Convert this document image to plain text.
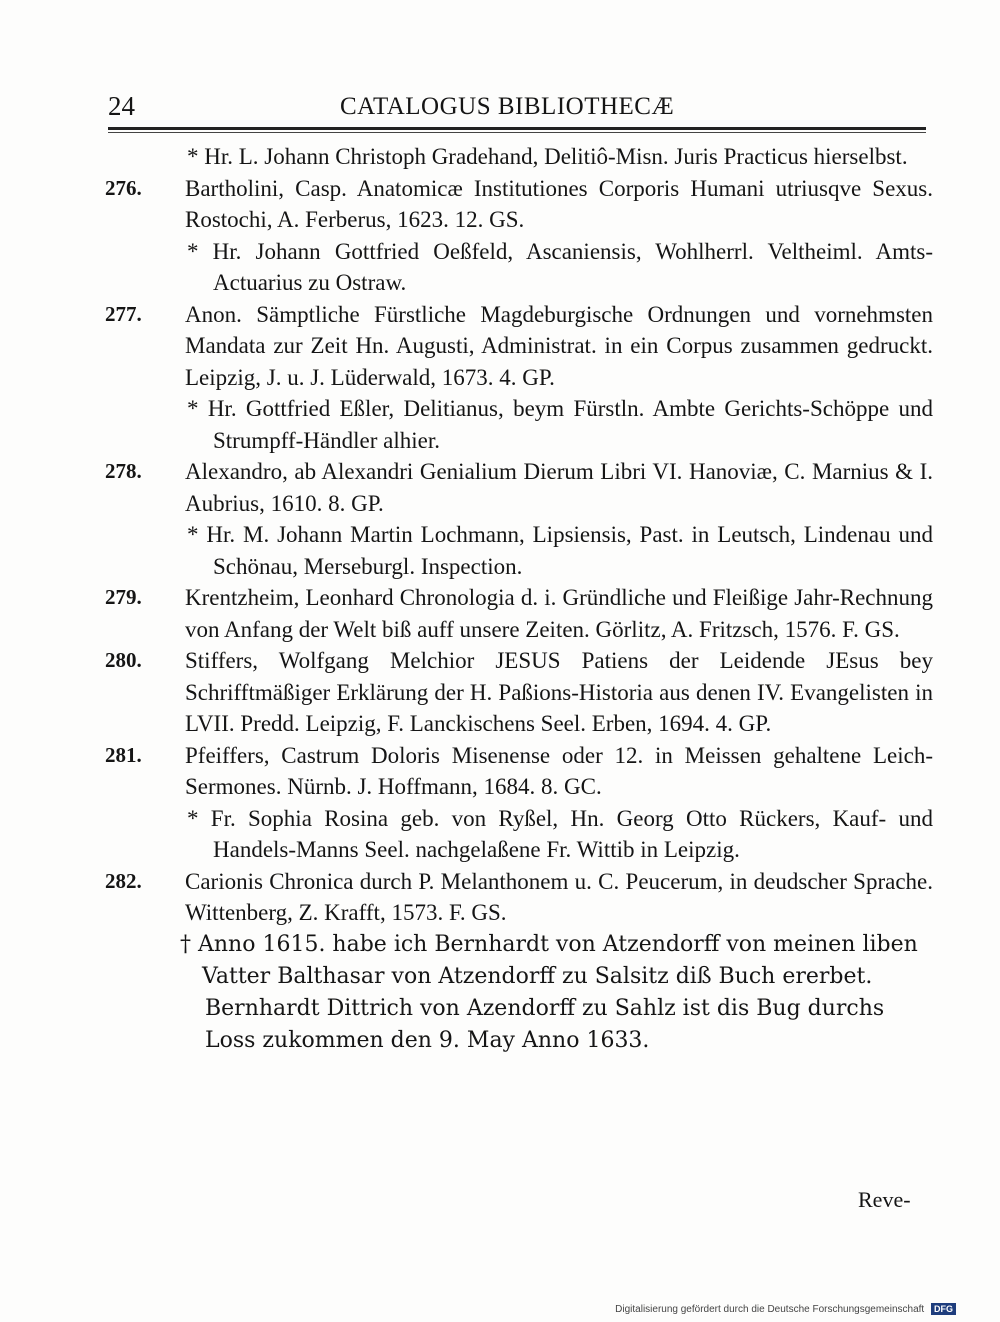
24	CATALOGUS BIBLIOTHECÆ
* Hr. L. Johann Christoph Gradehand, Delitiô-Misn. Juris Practicus hierselbst.
276.	Bartholini, Casp. Anatomicæ Institutiones Corporis Humani utriusqve Sexus. Rostochi, A. Ferberus, 1623. 12. GS.
* Hr. Johann Gottfried Oeßfeld, Ascaniensis, Wohlherrl. Veltheiml. Amts-Actuarius zu Ostraw.
277.	Anon. Sämptliche Fürstliche Magdeburgische Ordnungen und vornehmsten Mandata zur Zeit Hn. Augusti, Administrat. in ein Corpus zusammen gedruckt. Leipzig, J. u. J. Lüderwald, 1673. 4. GP.
* Hr. Gottfried Eßler, Delitianus, beym Fürstln. Ambte Gerichts-Schöppe und Strumpff-Händler alhier.
278.	Alexandro, ab Alexandri Genialium Dierum Libri VI. Hanoviæ, C. Marnius & I. Aubrius, 1610. 8. GP.
* Hr. M. Johann Martin Lochmann, Lipsiensis, Past. in Leutsch, Lindenau und Schönau, Merseburgl. Inspection.
279.	Krentzheim, Leonhard Chronologia d. i. Gründliche und Fleißige Jahr-Rechnung von Anfang der Welt biß auff unsere Zeiten. Görlitz, A. Fritzsch, 1576. F. GS.
280.	Stiffers, Wolfgang Melchior JESUS Patiens der Leidende JEsus bey Schrifftmäßiger Erklärung der H. Paßions-Historia aus denen IV. Evangelisten in LVII. Predd. Leipzig, F. Lanckischens Seel. Erben, 1694. 4. GP.
281.	Pfeiffers, Castrum Doloris Misenense oder 12. in Meissen gehaltene Leich-Sermones. Nürnb. J. Hoffmann, 1684. 8. GC.
* Fr. Sophia Rosina geb. von Ryßel, Hn. Georg Otto Rückers, Kauf- und Handels-Manns Seel. nachgelaßene Fr. Wittib in Leipzig.
282.	Carionis Chronica durch P. Melanthonem u. C. Peucerum, in deudscher Sprache. Wittenberg, Z. Krafft, 1573. F. GS.
† Anno 1615. habe ich Bernhardt von Atzendorff von meinen liben Vatter Balthasar von Atzendorff zu Salsitz diß Buch ererbet.
Bernhardt Dittrich von Azendorff zu Sahlz ist dis Bug durchs Loss zukommen den 9. May Anno 1633.
Reve-
Digitalisierung gefördert durch die Deutsche Forschungsgemeinschaft DFG
